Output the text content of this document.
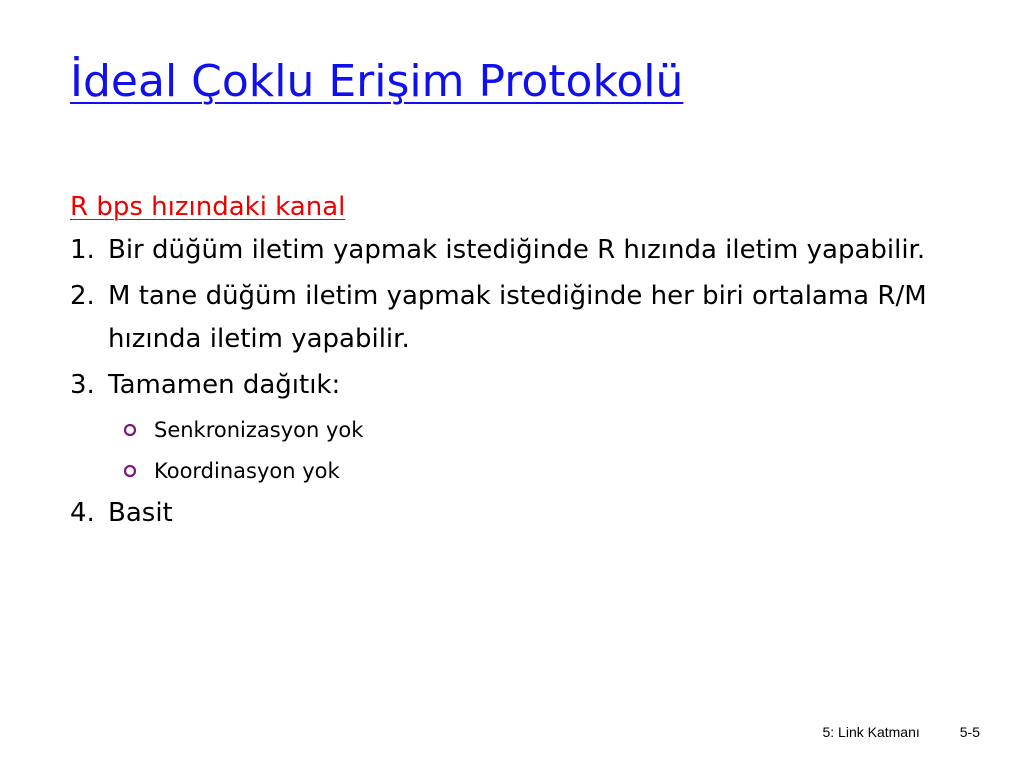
İdeal Çoklu Erişim Protokolü
R bps hızındaki kanal
1. Bir düğüm iletim yapmak istediğinde R hızında iletim yapabilir.
2. M tane düğüm iletim yapmak istediğinde her biri ortalama R/M hızında iletim yapabilir.
3. Tamamen dağıtık:
Senkronizasyon yok
Koordinasyon yok
4. Basit
5: Link Katmanı	5-5
